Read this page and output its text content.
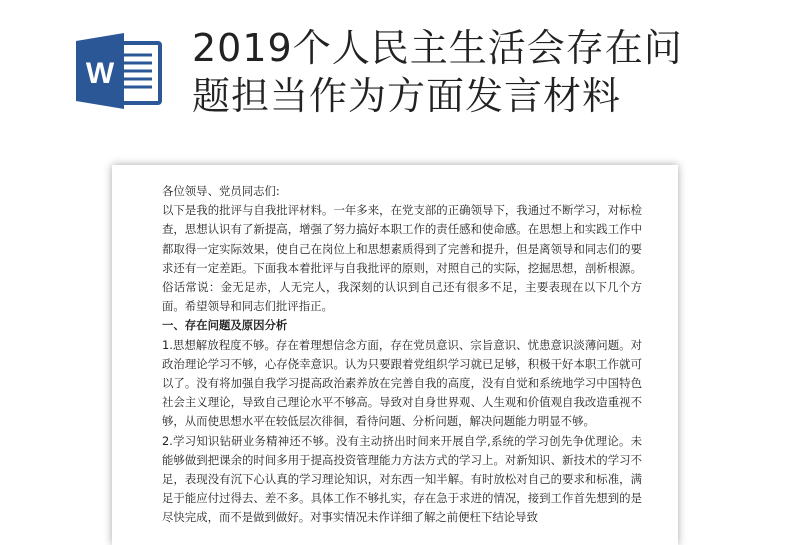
W
2019个人民主生活会存在问
题担当作为方面发言材料

各位领导、党员同志们:

以下是我的批评与自我批评材料。一年多来，在党支部的正确领导下，我通过不断学习，对标检查，思想认识有了新提高，增强了努力搞好本职工作的责任感和使命感。在思想上和实践工作中都取得一定实际效果，使自己在岗位上和思想素质得到了完善和提升，但是离领导和同志们的要求还有一定差距。下面我本着批评与自我批评的原则，对照自己的实际，挖掘思想，剖析根源。俗话常说：金无足赤，人无完人，我深刻的认识到自己还有很多不足，主要表现在以下几个方面。希望领导和同志们批评指正。

一、存在问题及原因分析

1.思想解放程度不够。存在着理想信念方面，存在党员意识、宗旨意识、忧患意识淡薄问题。对政治理论学习不够，心存侥幸意识。认为只要跟着党组织学习就已足够，积极干好本职工作就可以了。没有将加强自我学习提高政治素养放在完善自我的高度，没有自觉和系统地学习中国特色社会主义理论，导致自己理论水平不够高。导致对自身世界观、人生观和价值观自我改造重视不够，从而使思想水平在较低层次徘徊，看待问题、分析问题，解决问题能力明显不够。

2.学习知识钻研业务精神还不够。没有主动挤出时间来开展自学,系统的学习创先争优理论。未能够做到把课余的时间多用于提高投资管理能力方法方式的学习上。对新知识、新技术的学习不足，表现没有沉下心认真的学习理论知识，对东西一知半解。有时放松对自己的要求和标准，满足于能应付过得去、差不多。具体工作不够扎实，存在急于求进的情况，接到工作首先想到的是尽快完成，而不是做到做好。对事实情况未作详细了解之前便枉下结论导致
